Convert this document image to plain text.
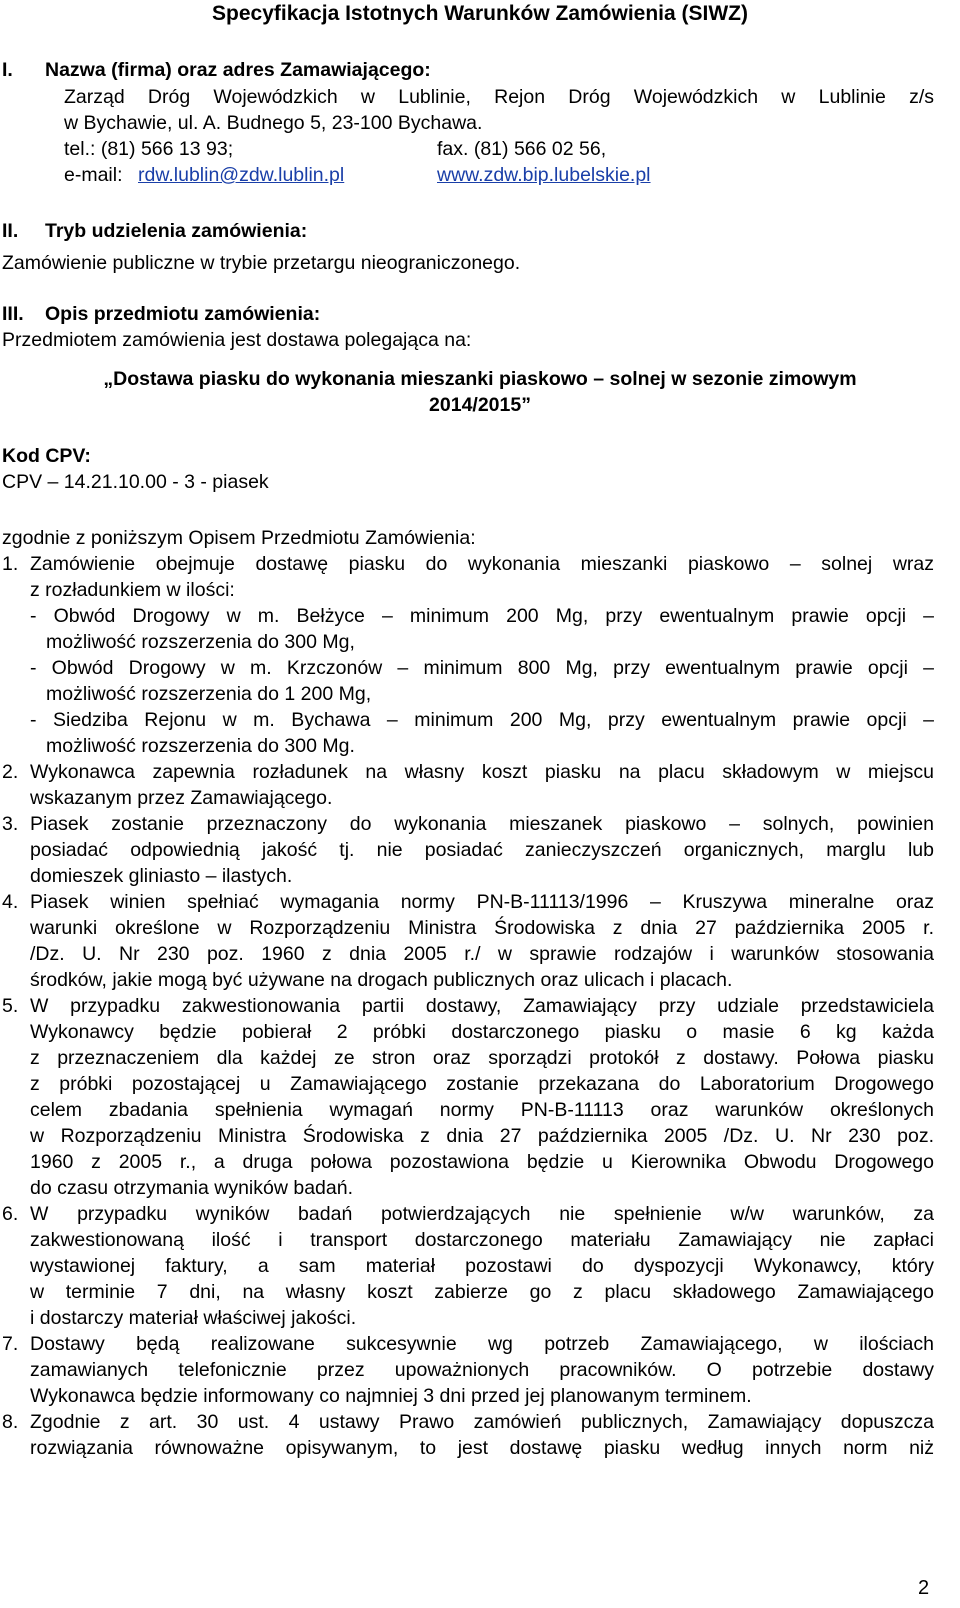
Specyfikacja Istotnych Warunków Zamówienia (SIWZ)
I. Nazwa (firma) oraz adres Zamawiającego:
Zarząd Dróg Wojewódzkich w Lublinie, Rejon Dróg Wojewódzkich w Lublinie z/s
w Bychawie, ul. A. Budnego 5, 23-100 Bychawa.
tel.: (81) 566 13 93;	fax. (81) 566 02 56,
e-mail: rdw.lublin@zdw.lublin.pl	www.zdw.bip.lubelskie.pl
II. Tryb udzielenia zamówienia:
Zamówienie publiczne w trybie przetargu nieograniczonego.
III. Opis przedmiotu zamówienia:
Przedmiotem zamówienia jest dostawa polegająca na:
„Dostawa piasku do wykonania mieszanki piaskowo – solnej w sezonie zimowym
2014/2015”
Kod CPV:
CPV – 14.21.10.00 - 3 - piasek
zgodnie z poniższym Opisem Przedmiotu Zamówienia:
1. Zamówienie obejmuje dostawę piasku do wykonania mieszanki piaskowo – solnej wraz
z rozładunkiem w ilości:
- Obwód Drogowy w m. Bełżyce – minimum 200 Mg, przy ewentualnym prawie opcji –
możliwość rozszerzenia do 300 Mg,
- Obwód Drogowy w m. Krzczonów – minimum 800 Mg, przy ewentualnym prawie opcji –
możliwość rozszerzenia do 1 200 Mg,
- Siedziba Rejonu w m. Bychawa – minimum 200 Mg, przy ewentualnym prawie opcji –
możliwość rozszerzenia do 300 Mg.
2. Wykonawca zapewnia rozładunek na własny koszt piasku na placu składowym w miejscu
wskazanym przez Zamawiającego.
3. Piasek zostanie przeznaczony do wykonania mieszanek piaskowo – solnych, powinien
posiadać odpowiednią jakość tj. nie posiadać zanieczyszczeń organicznych, marglu lub
domieszek gliniasto – ilastych.
4. Piasek winien spełniać wymagania normy PN-B-11113/1996 – Kruszywa mineralne oraz
warunki określone w Rozporządzeniu Ministra Środowiska z dnia 27 października 2005 r.
/Dz. U. Nr 230 poz. 1960 z dnia 2005 r./ w sprawie rodzajów i warunków stosowania
środków, jakie mogą być używane na drogach publicznych oraz ulicach i placach.
5. W przypadku zakwestionowania partii dostawy, Zamawiający przy udziale przedstawiciela
Wykonawcy będzie pobierał 2 próbki dostarczonego piasku o masie 6 kg każda
z przeznaczeniem dla każdej ze stron oraz sporządzi protokół z dostawy. Połowa piasku
z próbki pozostającej u Zamawiającego zostanie przekazana do Laboratorium Drogowego
celem zbadania spełnienia wymagań normy PN-B-11113 oraz warunków określonych
w Rozporządzeniu Ministra Środowiska z dnia 27 października 2005 /Dz. U. Nr 230 poz.
1960 z 2005 r., a druga połowa pozostawiona będzie u Kierownika Obwodu Drogowego
do czasu otrzymania wyników badań.
6. W przypadku wyników badań potwierdzających nie spełnienie w/w warunków, za
zakwestionowaną ilość i transport dostarczonego materiału Zamawiający nie zapłaci
wystawionej faktury, a sam materiał pozostawi do dyspozycji Wykonawcy, który
w terminie 7 dni, na własny koszt zabierze go z placu składowego Zamawiającego
i dostarczy materiał właściwej jakości.
7. Dostawy będą realizowane sukcesywnie wg potrzeb Zamawiającego, w ilościach
zamawianych telefonicznie przez upoważnionych pracowników. O potrzebie dostawy
Wykonawca będzie informowany co najmniej 3 dni przed jej planowanym terminem.
8. Zgodnie z art. 30 ust. 4 ustawy Prawo zamówień publicznych, Zamawiający dopuszcza
rozwiązania równoważne opisywanym, to jest dostawę piasku według innych norm niż
2
